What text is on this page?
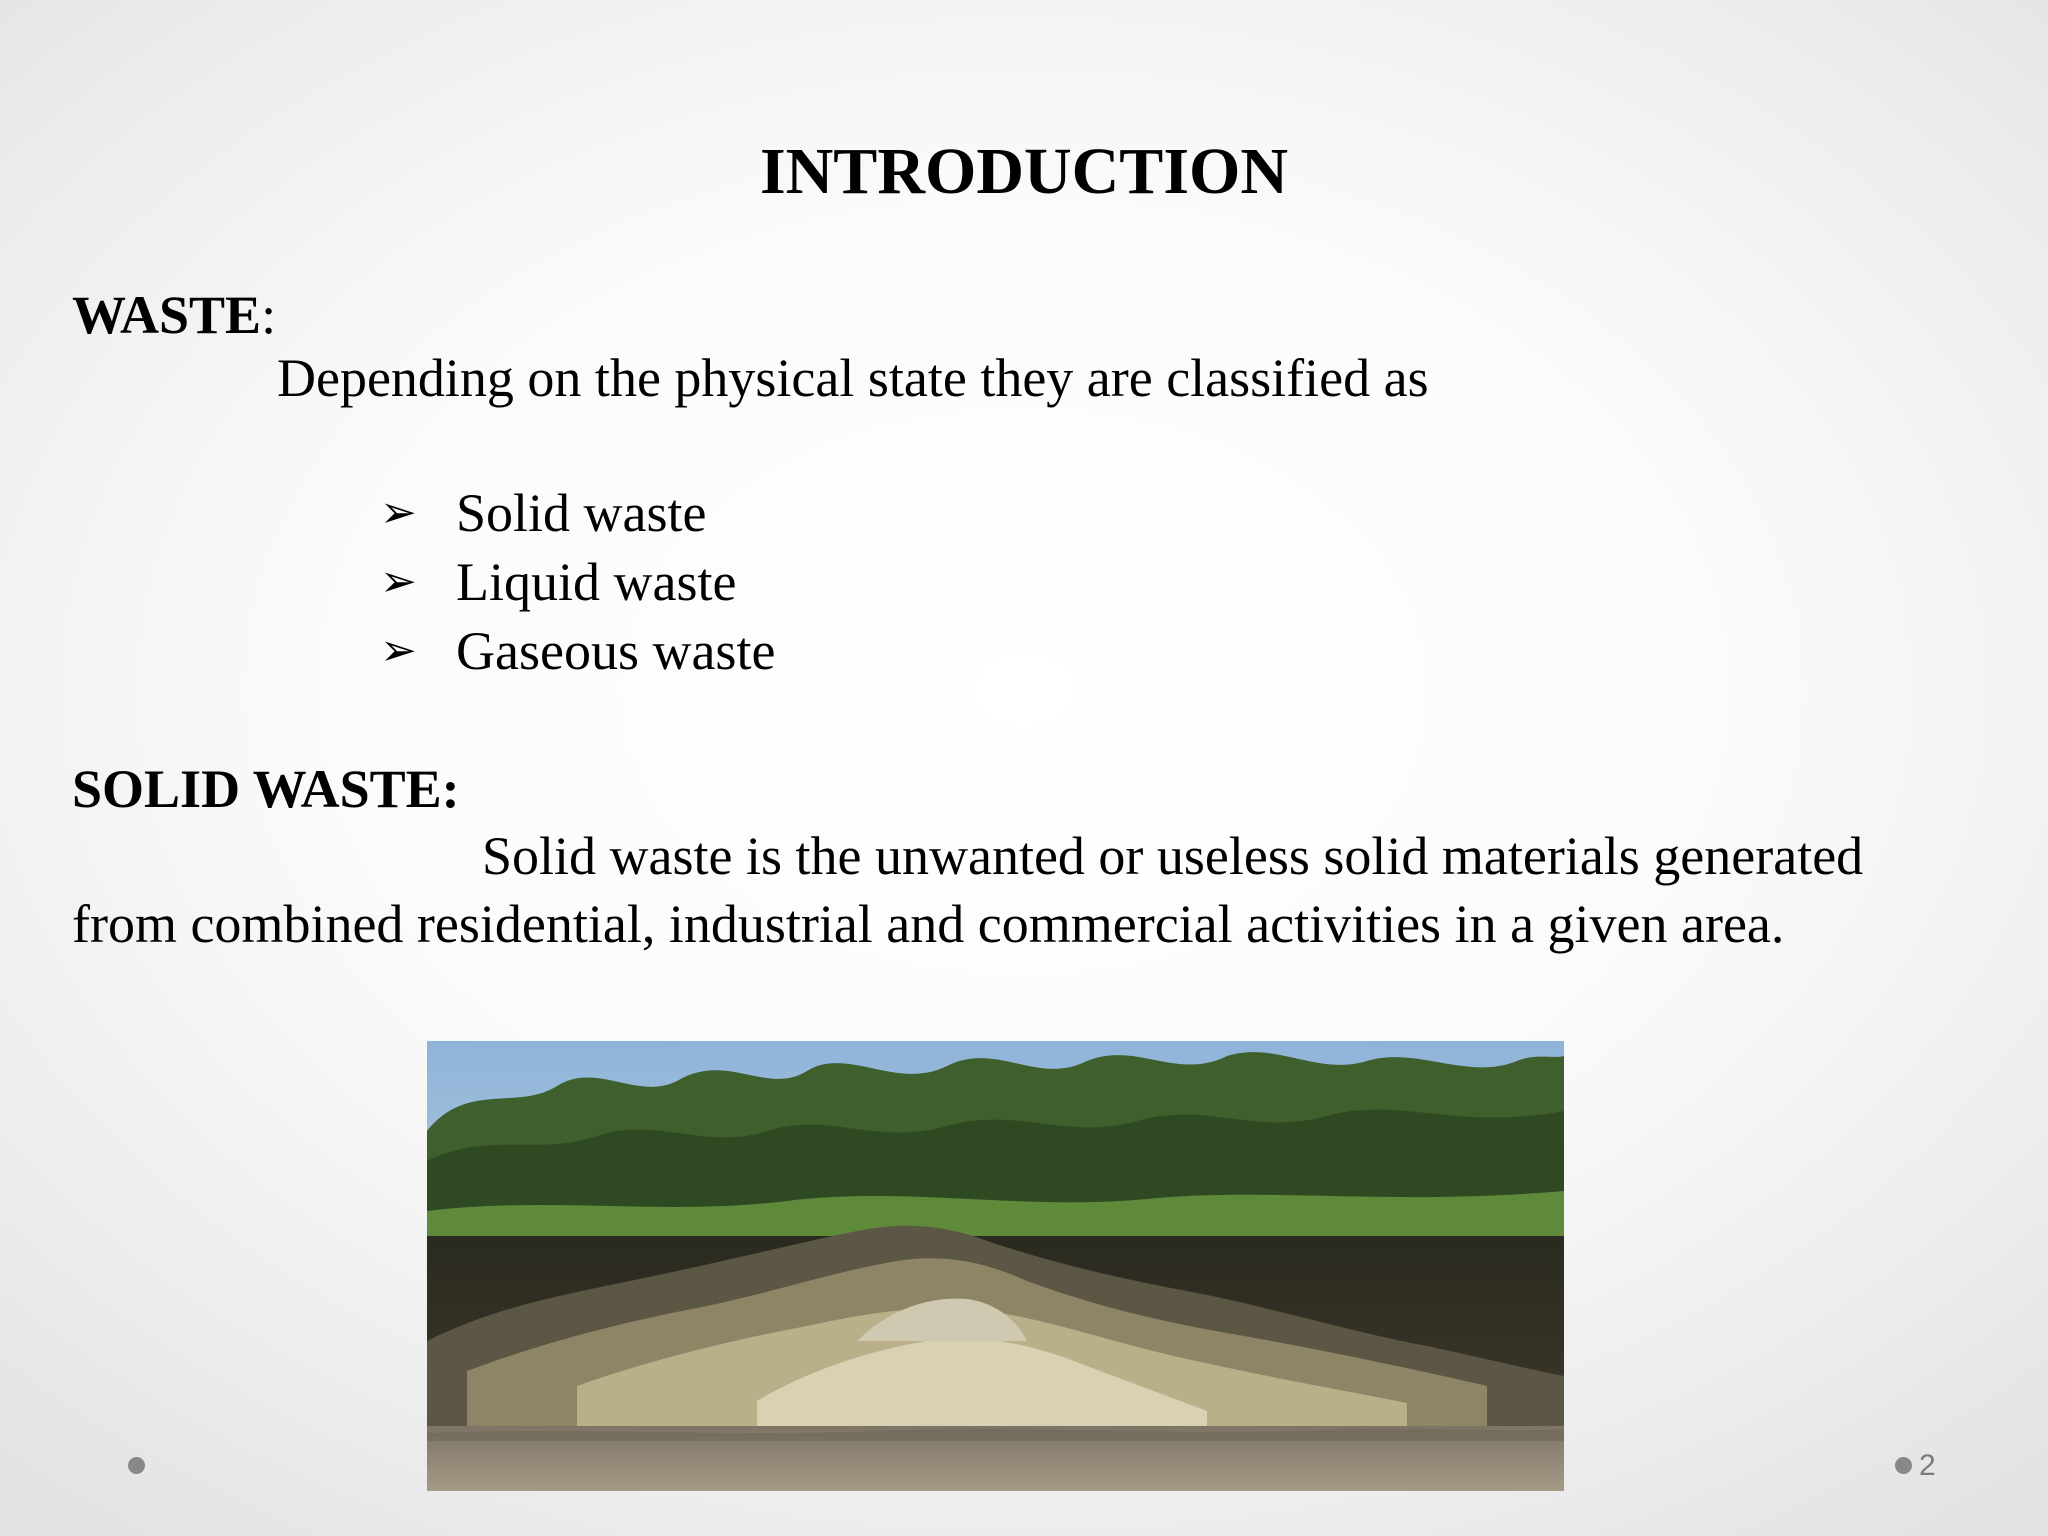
INTRODUCTION
WASTE:
Depending on the physical state they are classified as
➢ Solid waste
➢ Liquid waste
➢ Gaseous waste
SOLID WASTE:
Solid waste is the unwanted or useless solid materials generated
from combined residential, industrial and commercial activities in a given area.
2
